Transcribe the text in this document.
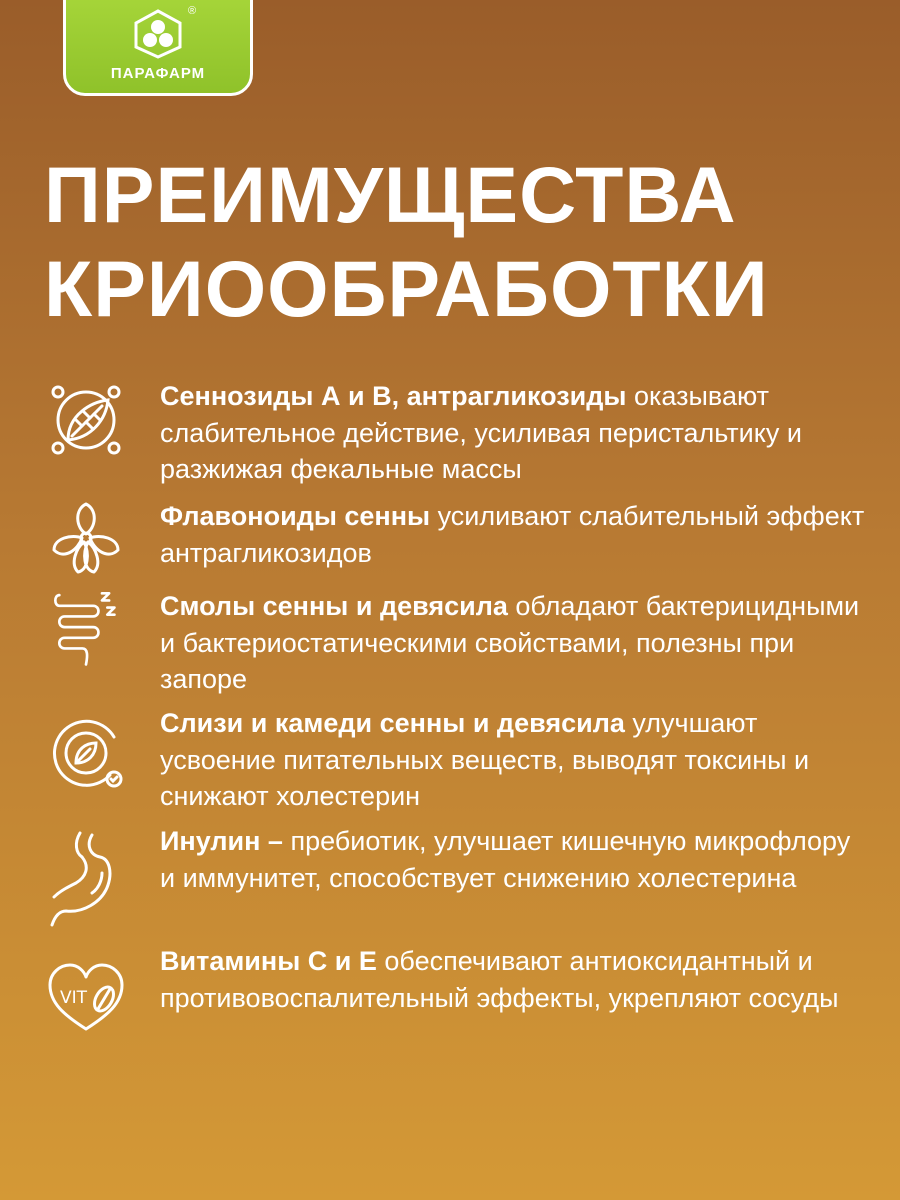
®
ПАРАФАРМ
ПРЕИМУЩЕСТВА
КРИООБРАБОТКИ
Сеннозиды А и В, антрагликозиды оказывают слабительное действие, усиливая перистальтику и разжижая фекальные массы
Флавоноиды сенны усиливают слабительный эффект антрагликозидов
Смолы сенны и девясила обладают бактерицидными и бактериостатическими свойствами, полезны при запоре
Слизи и камеди сенны и девясила улучшают усвоение питательных веществ, выводят токсины и снижают холестерин
Инулин – пребиотик, улучшает кишечную микрофлору и иммунитет, способствует снижению холестерина
VIT
Витамины С и Е обеспечивают антиоксидантный и противовоспалительный эффекты, укрепляют сосуды
